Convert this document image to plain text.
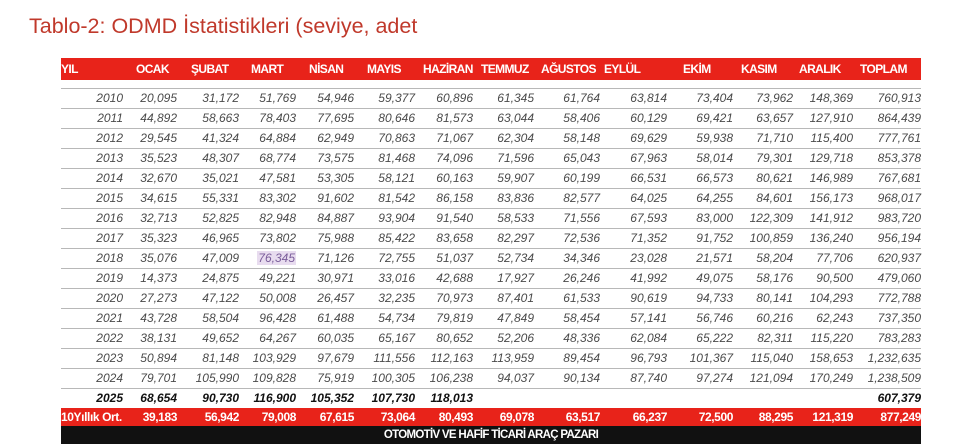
Tablo-2: ODMD İstatistikleri (seviye, adet
YIL	OCAK ŞUBAT MART NİSAN MAYIS HAZİRAN TEMMUZ AĞUSTOS EYLÜL	EKİM	KASIM ARALIK TOPLAM
2010 20,095 31,172 51,769 54,946 59,377 60,896 61,345 61,764	63,814 73,404 73,962 148,369 760,913
2011 44,892 58,663 78,403 77,695 80,646 81,573 63,044 58,406	60,129 69,421 63,657 127,910 864,439
2012 29,545 41,324 64,884 62,949 70,863 71,067 62,304 58,148	69,629 59,938 71,710 115,400 777,761
2013 35,523 48,307 68,774 73,575 81,468 74,096 71,596 65,043	67,963 58,014 79,301 129,718 853,378
2014 32,670 35,021 47,581 53,305 58,121 60,163 59,907 60,199	66,531 66,573 80,621 146,989 767,681
2015 34,615 55,331 83,302 91,602 81,542 86,158 83,836 82,577	64,025 64,255 84,601 156,173 968,017
2016 32,713 52,825 82,948 84,887 93,904 91,540 58,533 71,556	67,593 83,000 122,309 141,912 983,720
2017 35,323 46,965 73,802 75,988 85,422 83,658 82,297 72,536	71,352 91,752 100,859 136,240 956,194
2018 35,076 47,009 76,345 71,126 72,755 51,037 52,734 34,346	23,028 21,571 58,204 77,706 620,937
2019 14,373 24,875 49,221 30,971 33,016 42,688 17,927 26,246	41,992 49,075 58,176 90,500 479,060
2020 27,273 47,122 50,008 26,457 32,235 70,973 87,401 61,533	90,619 94,733 80,141 104,293 772,788
2021 43,728 58,504 96,428 61,488 54,734 79,819 47,849 58,454	57,141 56,746 60,216 62,243 737,350
2022 38,131 49,652 64,267 60,035 65,167 80,652 52,206 48,336	62,084 65,222 82,311 115,220 783,283
2023 50,894 81,148 103,929 97,679 111,556 112,163 113,959 89,454	96,793 101,367 115,040 158,653 1,232,635
2024 79,701 105,990 109,828 75,919 100,305 106,238 94,037 90,134	87,740 97,274 121,094 170,249 1,238,509
2025 68,654 90,730 116,900 105,352 107,730 118,013	607,379
10Yıllık Ort.	39,183 56,942 79,008 67,615 73,064 80,493 69,078	63,517	66,237	72,500 88,295 121,319 877,249
OTOMOTİV VE HAFİF TİCARİ ARAÇ PAZARI
